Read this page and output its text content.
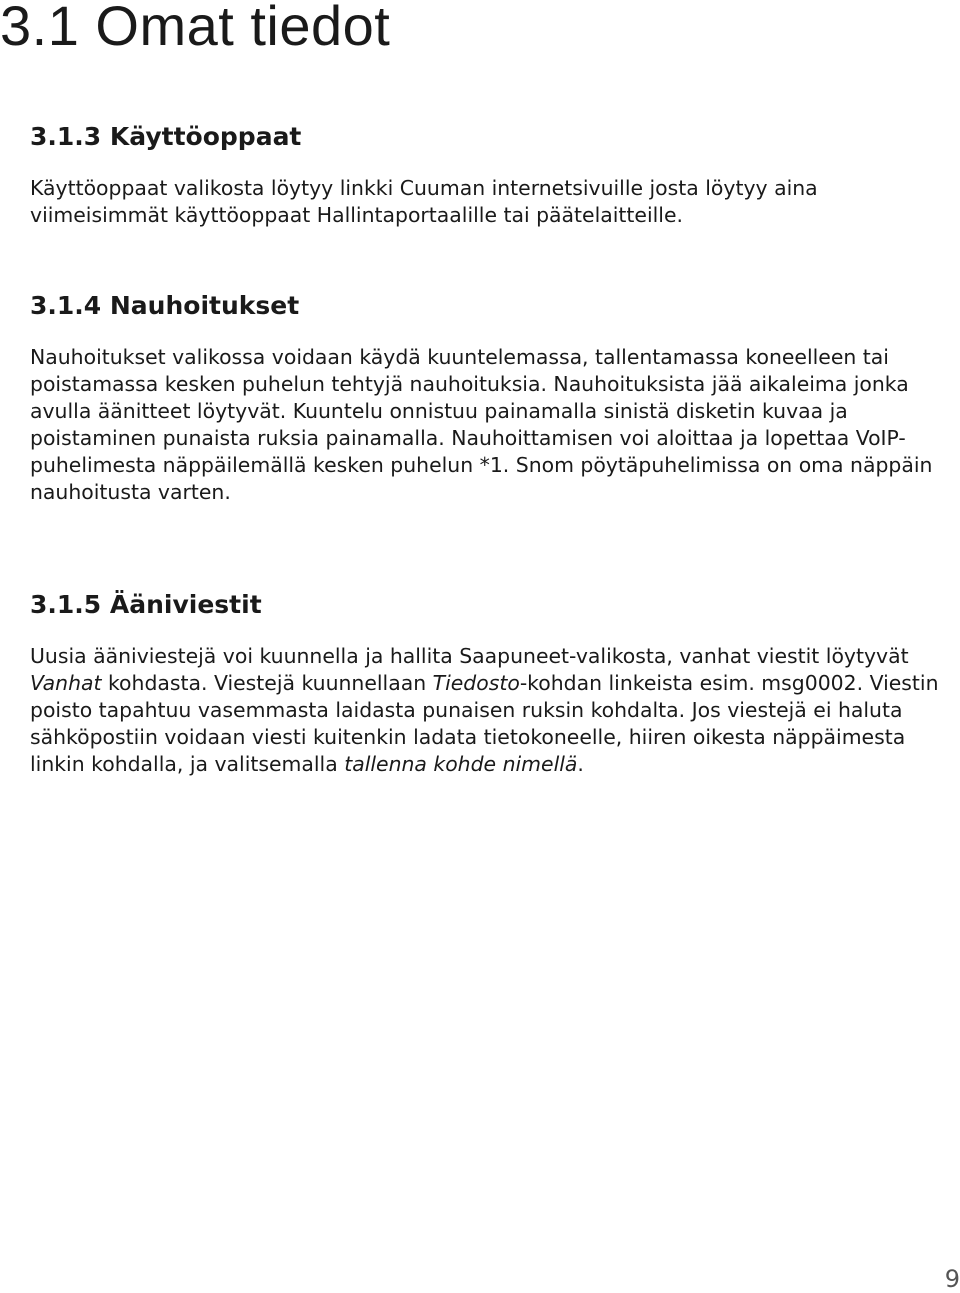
3.1 Omat tiedot
3.1.3 Käyttöoppaat

Käyttöoppaat valikosta löytyy linkki Cuuman internetsivuille josta löytyy aina viimeisimmät käyttöoppaat Hallintaportaalille tai päätelaitteille.

3.1.4 Nauhoitukset

Nauhoitukset valikossa voidaan käydä kuuntelemassa, tallentamassa koneelleen tai poistamassa kesken puhelun tehtyjä nauhoituksia. Nauhoituksista jää aikaleima jonka avulla äänitteet löytyvät. Kuuntelu onnistuu painamalla sinistä disketin kuvaa ja poistaminen punaista ruksia painamalla. Nauhoittamisen voi aloittaa ja lopettaa VoIP-puhelimesta näppäilemällä kesken puhelun *1. Snom pöytäpuhelimissa on oma näppäin nauhoitusta varten.

3.1.5 Ääniviestit

Uusia ääniviestejä voi kuunnella ja hallita Saapuneet-valikosta, vanhat viestit löytyvät Vanhat kohdasta. Viestejä kuunnellaan Tiedosto-kohdan linkeista esim. msg0002. Viestin poisto tapahtuu vasemmasta laidasta punaisen ruksin kohdalta. Jos viestejä ei haluta sähköpostiin voidaan viesti kuitenkin ladata tietokoneelle, hiiren oikesta näppäimesta linkin kohdalla, ja valitsemalla tallenna kohde nimellä.

9
